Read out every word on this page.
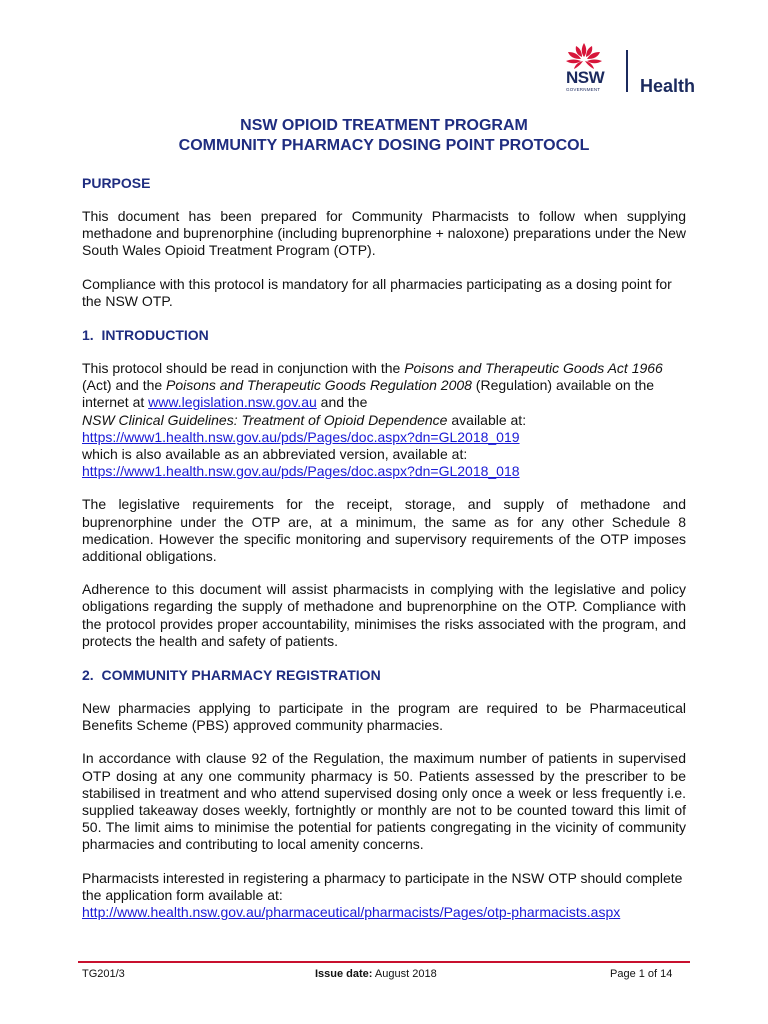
NSW
GOVERNMENT Health
NSW OPIOID TREATMENT PROGRAM
COMMUNITY PHARMACY DOSING POINT PROTOCOL
PURPOSE

This document has been prepared for Community Pharmacists to follow when supplying methadone and buprenorphine (including buprenorphine + naloxone) preparations under the New South Wales Opioid Treatment Program (OTP).

Compliance with this protocol is mandatory for all pharmacies participating as a dosing point for the NSW OTP.

1.  INTRODUCTION

This protocol should be read in conjunction with the Poisons and Therapeutic Goods Act 1966 (Act) and the Poisons and Therapeutic Goods Regulation 2008 (Regulation) available on the internet at www.legislation.nsw.gov.au and the
NSW Clinical Guidelines: Treatment of Opioid Dependence available at:
https://www1.health.nsw.gov.au/pds/Pages/doc.aspx?dn=GL2018_019
which is also available as an abbreviated version, available at:
https://www1.health.nsw.gov.au/pds/Pages/doc.aspx?dn=GL2018_018

The legislative requirements for the receipt, storage, and supply of methadone and buprenorphine under the OTP are, at a minimum, the same as for any other Schedule 8 medication. However the specific monitoring and supervisory requirements of the OTP imposes additional obligations.

Adherence to this document will assist pharmacists in complying with the legislative and policy obligations regarding the supply of methadone and buprenorphine on the OTP. Compliance with the protocol provides proper accountability, minimises the risks associated with the program, and protects the health and safety of patients.

2.  COMMUNITY PHARMACY REGISTRATION

New pharmacies applying to participate in the program are required to be Pharmaceutical Benefits Scheme (PBS) approved community pharmacies.

In accordance with clause 92 of the Regulation, the maximum number of patients in supervised OTP dosing at any one community pharmacy is 50. Patients assessed by the prescriber to be stabilised in treatment and who attend supervised dosing only once a week or less frequently i.e. supplied takeaway doses weekly, fortnightly or monthly are not to be counted toward this limit of 50. The limit aims to minimise the potential for patients congregating in the vicinity of community pharmacies and contributing to local amenity concerns.

Pharmacists interested in registering a pharmacy to participate in the NSW OTP should complete the application form available at:
http://www.health.nsw.gov.au/pharmaceutical/pharmacists/Pages/otp-pharmacists.aspx

TG201/3	Issue date: August 2018	Page 1 of 14
